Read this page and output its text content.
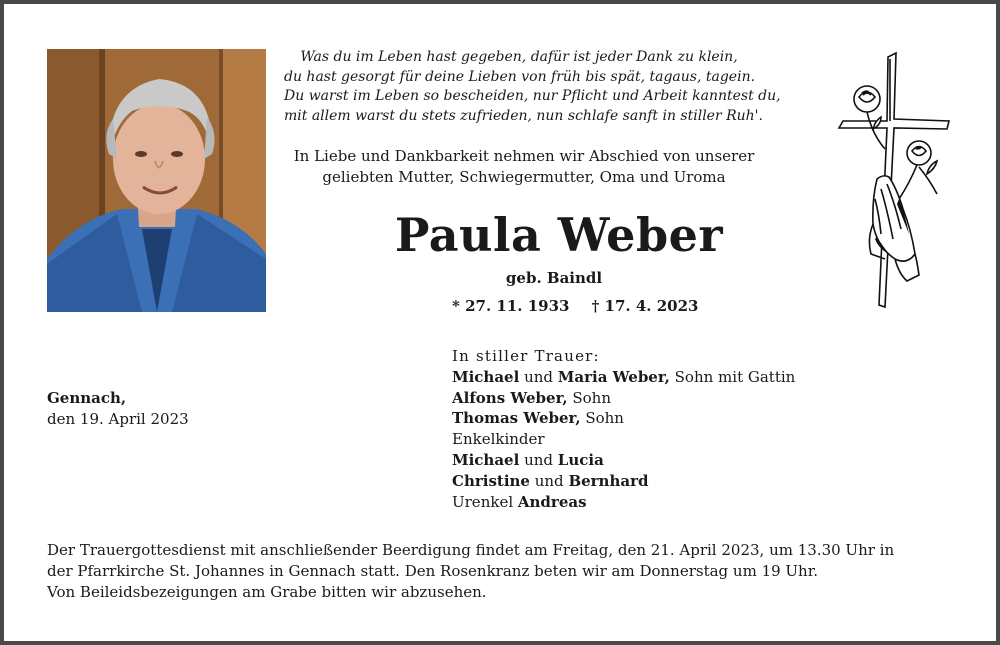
Was du im Leben hast gegeben, dafür ist jeder Dank zu klein,
du hast gesorgt für deine Lieben von früh bis spät, tagaus, tagein.
Du warst im Leben so bescheiden, nur Pflicht und Arbeit kanntest du,
mit allem warst du stets zufrieden, nun schlafe sanft in stiller Ruh'.
In Liebe und Dankbarkeit nehmen wir Abschied von unserer
geliebten Mutter, Schwiegermutter, Oma und Uroma
Paula Weber
geb. Baindl
* 27. 11. 1933 † 17. 4. 2023
In stiller Trauer:
Michael und Maria Weber, Sohn mit Gattin
Alfons Weber, Sohn
Thomas Weber, Sohn
Enkelkinder
Michael und Lucia
Christine und Bernhard
Urenkel Andreas
Gennach,
den 19. April 2023
Der Trauergottesdienst mit anschließender Beerdigung findet am Freitag, den 21. April 2023, um 13.30 Uhr in
der Pfarrkirche St. Johannes in Gennach statt. Den Rosenkranz beten wir am Donnerstag um 19 Uhr.
Von Beileidsbezeigungen am Grabe bitten wir abzusehen.
